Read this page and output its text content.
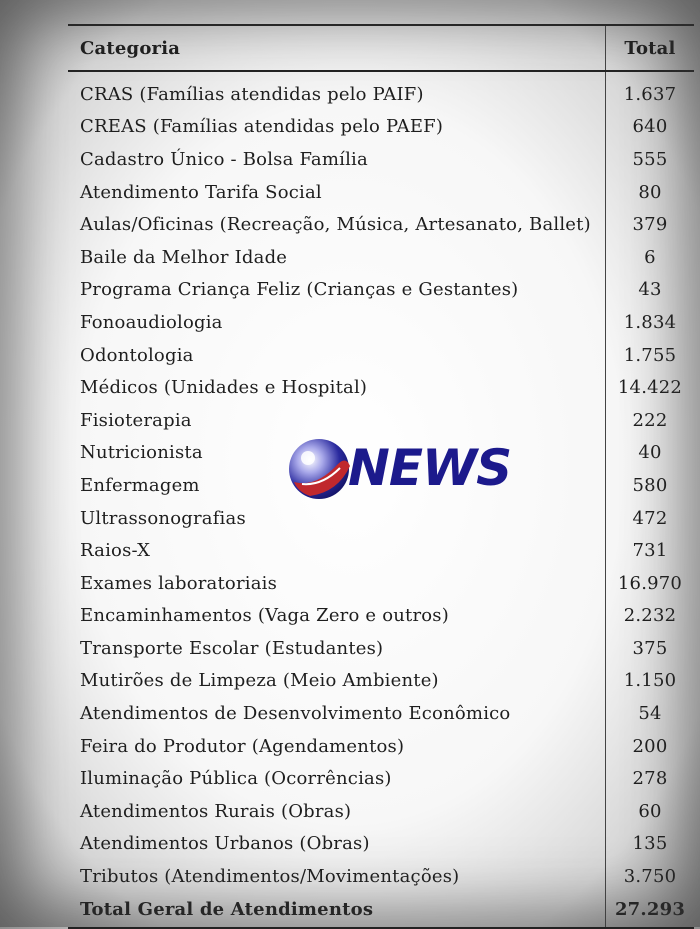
Categoria	Total
CRAS (Famílias atendidas pelo PAIF)	1.637
CREAS (Famílias atendidas pelo PAEF)	640
Cadastro Único - Bolsa Família	555
Atendimento Tarifa Social	80
Aulas/Oficinas (Recreação, Música, Artesanato, Ballet)	379
Baile da Melhor Idade	6
Programa Criança Feliz (Crianças e Gestantes)	43
Fonoaudiologia	1.834
Odontologia	1.755
Médicos (Unidades e Hospital)	14.422
Fisioterapia	222
Nutricionista	40
Enfermagem	580
Ultrassonografias	472
Raios-X	731
Exames laboratoriais	16.970
Encaminhamentos (Vaga Zero e outros)	2.232
Transporte Escolar (Estudantes)	375
Mutirões de Limpeza (Meio Ambiente)	1.150
Atendimentos de Desenvolvimento Econômico	54
Feira do Produtor (Agendamentos)	200
Iluminação Pública (Ocorrências)	278
Atendimentos Rurais (Obras)	60
Atendimentos Urbanos (Obras)	135
Tributos (Atendimentos/Movimentações)	3.750
Total Geral de Atendimentos	27.293
NEWS
